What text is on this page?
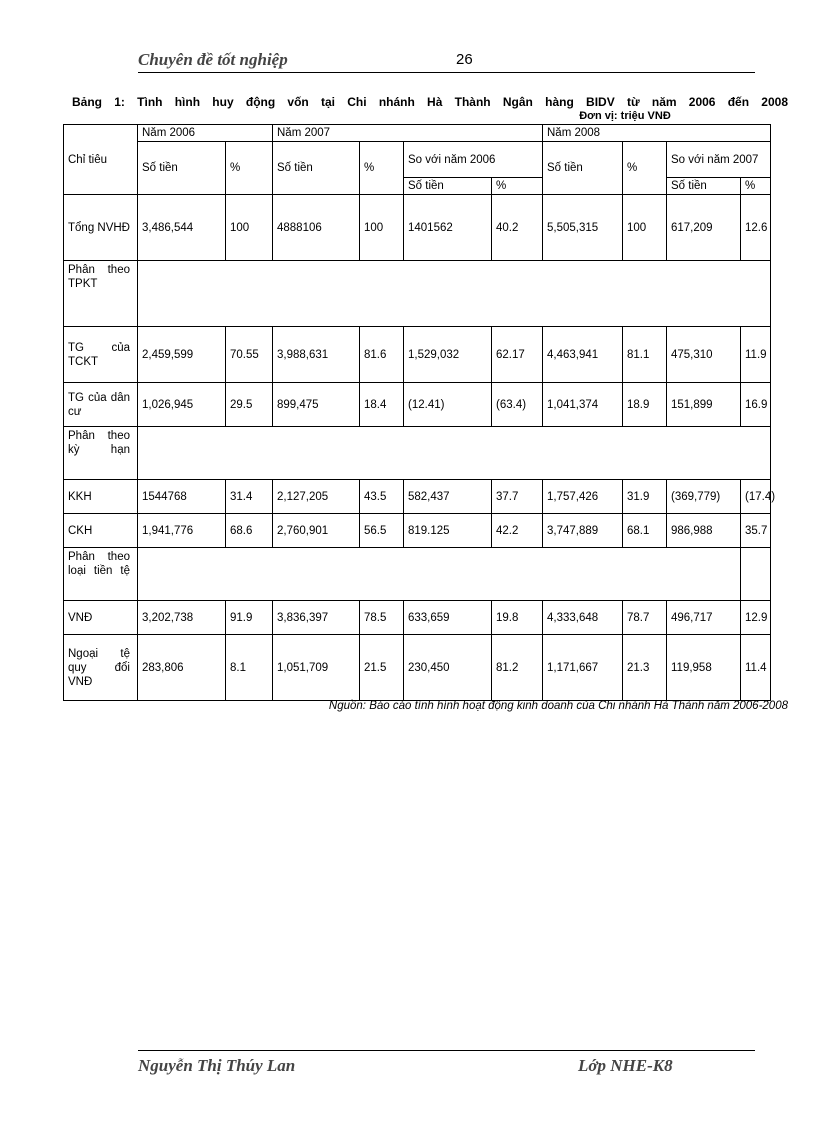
Chuyên đề tốt nghiệp	26
Bảng 1: Tình hình huy động vốn tại Chi nhánh Hà Thành Ngân hàng BIDV từ năm 2006 đến 2008
Đơn vị: triệu VNĐ
Chỉ tiêu	Năm 2006		Năm 2007				Năm 2008			
	Số tiền	%	Số tiền	%	So với năm 2006		Số tiền	%	So với năm 2007	
					Số tiền	%			Số tiền	%

Tổng NVHĐ	3,486,544	100	4888106	100	1401562	40.2	5,505,315	100	617,209	12.6

Phân theo TPKT										

TG của TCKT	2,459,599	70.55	3,988,631	81.6	1,529,032	62.17	4,463,941	81.1	475,310	11.9

TG của dân cư	1,026,945	29.5	899,475	18.4	(12.41)	(63.4)	1,041,374	18.9	151,899	16.9

Phân theo kỳ hạn										

KKH	1544768	31.4	2,127,205	43.5	582,437	37.7	1,757,426	31.9	(369,779)	(17.4)

CKH	1,941,776	68.6	2,760,901	56.5	819.125	42.2	3,747,889	68.1	986,988	35.7

Phân theo loại tiền tệ										

VNĐ	3,202,738	91.9	3,836,397	78.5	633,659	19.8	4,333,648	78.7	496,717	12.9

Ngoại tệ quy đổi VNĐ	283,806	8.1	1,051,709	21.5	230,450	81.2	1,171,667	21.3	119,958	11.4
Nguồn: Báo cáo tình hình hoạt động kinh doanh của Chi nhánh Hà Thành năm 2006-2008
Nguyễn Thị Thúy Lan	Lớp NHE-K8
